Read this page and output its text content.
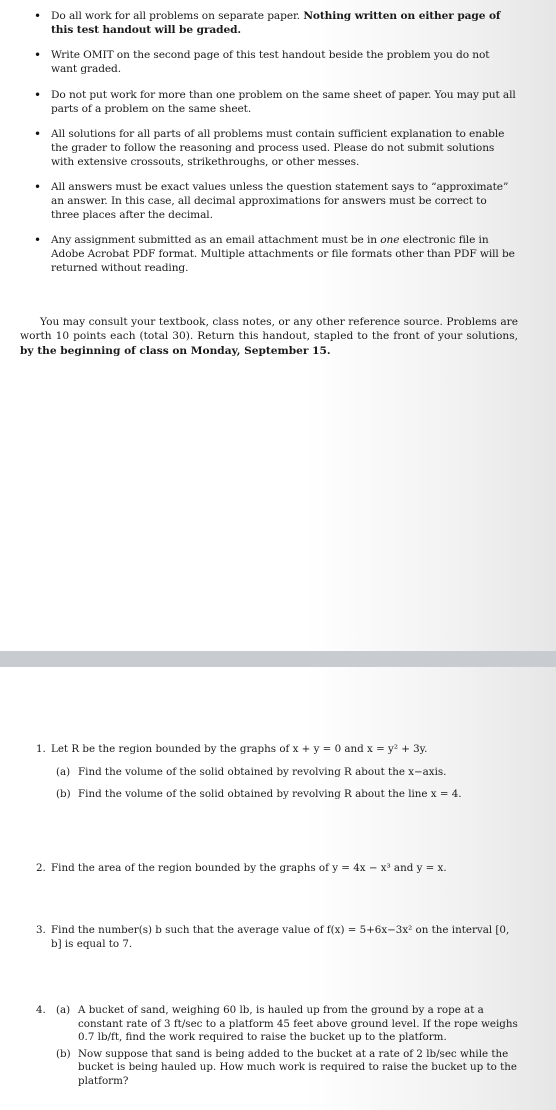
• Do all work for all problems on separate paper. Nothing written on either page of this test handout will be graded.
• Write OMIT on the second page of this test handout beside the problem you do not want graded.
• Do not put work for more than one problem on the same sheet of paper. You may put all parts of a problem on the same sheet.
• All solutions for all parts of all problems must contain sufficient explanation to enable the grader to follow the reasoning and process used. Please do not submit solutions with extensive crossouts, strikethroughs, or other messes.
• All answers must be exact values unless the question statement says to “approximate” an answer. In this case, all decimal approximations for answers must be correct to three places after the decimal.
• Any assignment submitted as an email attachment must be in one electronic file in Adobe Acrobat PDF format. Multiple attachments or file formats other than PDF will be returned without reading.

You may consult your textbook, class notes, or any other reference source. Problems are worth 10 points each (total 30). Return this handout, stapled to the front of your solutions, by the beginning of class on Monday, September 15.

1. Let R be the region bounded by the graphs of x + y = 0 and x = y² + 3y.
(a) Find the volume of the solid obtained by revolving R about the x−axis.
(b) Find the volume of the solid obtained by revolving R about the line x = 4.
2. Find the area of the region bounded by the graphs of y = 4x − x³ and y = x.
3. Find the number(s) b such that the average value of f(x) = 5+6x−3x² on the interval [0, b] is equal to 7.
4. (a) A bucket of sand, weighing 60 lb, is hauled up from the ground by a rope at a constant rate of 3 ft/sec to a platform 45 feet above ground level. If the rope weighs 0.7 lb/ft, find the work required to raise the bucket up to the platform.
(b) Now suppose that sand is being added to the bucket at a rate of 2 lb/sec while the bucket is being hauled up. How much work is required to raise the bucket up to the platform?
